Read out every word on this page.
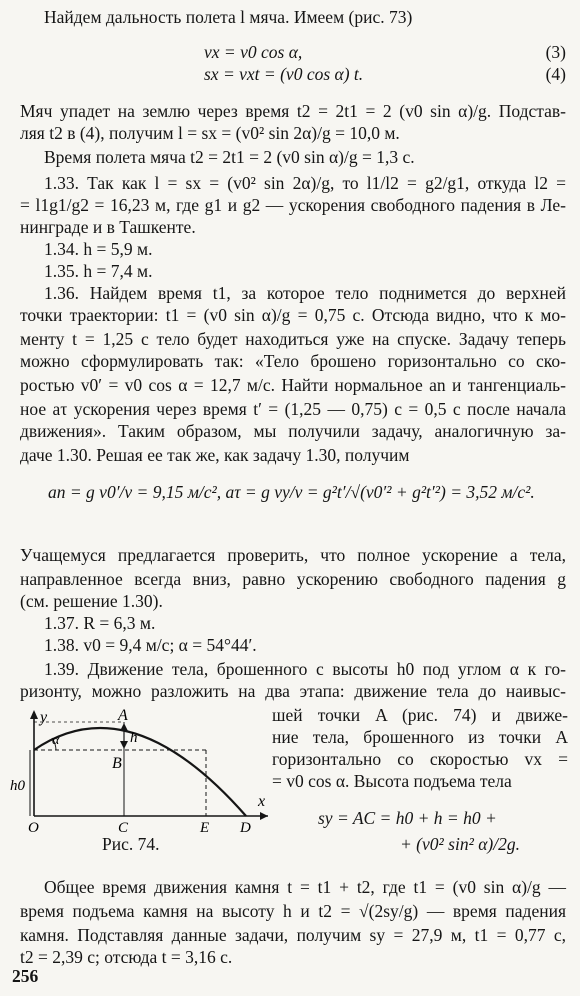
Найдем дальность полета l мяча. Имеем (рис. 73)
vx = v0 cos α,	(3)
sx = vxt = (v0 cos α) t.	(4)
Мяч упадет на землю через время t2 = 2t1 = 2 (v0 sin α)/g. Подстав-
ляя t2 в (4), получим l = sx = (v0² sin 2α)/g = 10,0 м.
Время полета мяча t2 = 2t1 = 2 (v0 sin α)/g = 1,3 с.
1.33. Так как l = sx = (v0² sin 2α)/g, то l1/l2 = g2/g1, откуда l2 =
= l1g1/g2 = 16,23 м, где g1 и g2 — ускорения свободного падения в Ле-
нинграде и в Ташкенте.
1.34. h = 5,9 м.
1.35. h = 7,4 м.
1.36. Найдем время t1, за которое тело поднимется до верхней
точки траектории: t1 = (v0 sin α)/g = 0,75 с. Отсюда видно, что к мо-
менту t = 1,25 с тело будет находиться уже на спуске. Задачу теперь
можно сформулировать так: «Тело брошено горизонтально со ско-
ростью v0′ = v0 cos α = 12,7 м/с. Найти нормальное an и тангенциаль-
ное aτ ускорения через время t′ = (1,25 — 0,75) с = 0,5 с после начала
движения». Таким образом, мы получили задачу, аналогичную за-
даче 1.30. Решая ее так же, как задачу 1.30, получим
an = g v0′/v = 9,15 м/с², aτ = g vy/v = g²t′/√(v0′² + g²t′²) = 3,52 м/с².
Учащемуся предлагается проверить, что полное ускорение a тела,
направленное всегда вниз, равно ускорению свободного падения g
(см. решение 1.30).
1.37. R = 6,3 м.
1.38. v0 = 9,4 м/с; α = 54°44′.
1.39. Движение тела, брошенного с высоты h0 под углом α к го-
ризонту, можно разложить на два этапа: движение тела до наивыс-
шей точки A (рис. 74) и движе-
ние тела, брошенного из точки A
горизонтально со скоростью vx =
= v0 cos α. Высота подъема тела
sy = AC = h0 + h = h0 +
+ (v0² sin² α)/2g.
y	A
h
α
B
h0
O	C	E D
x
Рис. 74.
Общее время движения камня t = t1 + t2, где t1 = (v0 sin α)/g —
время подъема камня на высоту h и t2 = √(2sy/g) — время падения
камня. Подставляя данные задачи, получим sy = 27,9 м, t1 = 0,77 с,
t2 = 2,39 с; отсюда t = 3,16 с.
256
